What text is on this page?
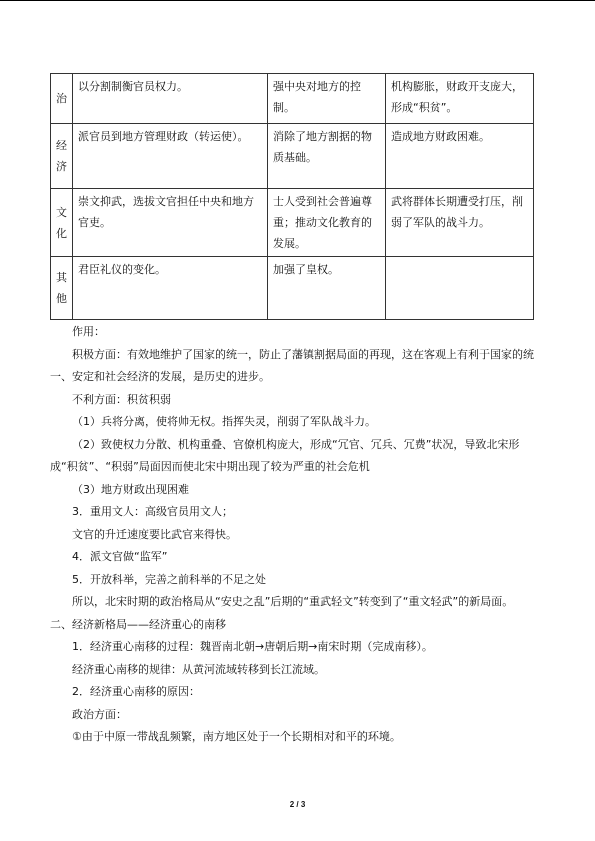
治	以分割制衡官员权力。	强中央对地方的控制。	机构膨胀，财政开支庞大，形成“积贫”。
经济	派官员到地方管理财政（转运使）。	消除了地方割据的物质基础。	造成地方财政困难。
文化	崇文抑武，选拔文官担任中央和地方官吏。	士人受到社会普遍尊重；推动文化教育的发展。	武将群体长期遭受打压，削弱了军队的战斗力。
其他	君臣礼仪的变化。	加强了皇权。	

作用：

积极方面：有效地维护了国家的统一，防止了藩镇割据局面的再现，这在客观上有利于国家的统一、安定和社会经济的发展，是历史的进步。

不利方面：积贫积弱

（1）兵将分离，使将帅无权。指挥失灵，削弱了军队战斗力。

（2）致使权力分散、机构重叠、官僚机构庞大，形成“冗官、冗兵、冗费”状况，导致北宋形成“积贫”、“积弱”局面因而使北宋中期出现了较为严重的社会危机

（3）地方财政出现困难

3．重用文人：高级官员用文人；

文官的升迁速度要比武官来得快。

4．派文官做“监军”

5．开放科举，完善之前科举的不足之处

所以，北宋时期的政治格局从“安史之乱”后期的“重武轻文”转变到了“重文轻武”的新局面。

二、经济新格局——经济重心的南移

1．经济重心南移的过程：魏晋南北朝→唐朝后期→南宋时期（完成南移）。

经济重心南移的规律：从黄河流域转移到长江流域。

2．经济重心南移的原因：

政治方面：

①由于中原一带战乱频繁，南方地区处于一个长期相对和平的环境。

2 / 3
